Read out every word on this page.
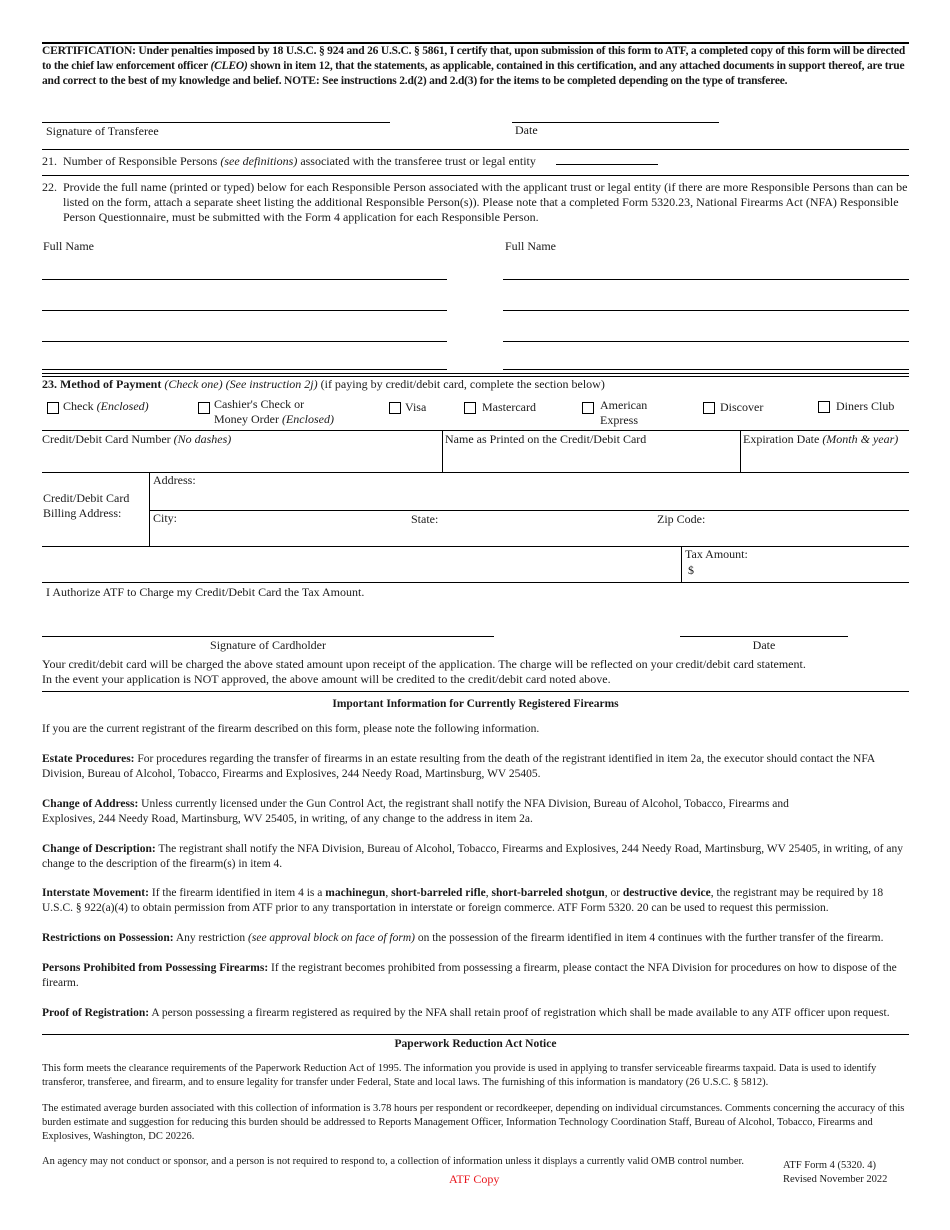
CERTIFICATION: Under penalties imposed by 18 U.S.C. § 924 and 26 U.S.C. § 5861, I certify that, upon submission of this form to ATF, a completed copy of this form will be directed to the chief law enforcement officer (CLEO) shown in item 12, that the statements, as applicable, contained in this certification, and any attached documents in support thereof, are true and correct to the best of my knowledge and belief. NOTE: See instructions 2.d(2) and 2.d(3) for the items to be completed depending on the type of transferee.
Signature of Transferee	Date
21. Number of Responsible Persons (see definitions) associated with the transferee trust or legal entity
22. Provide the full name (printed or typed) below for each Responsible Person associated with the applicant trust or legal entity (if there are more Responsible Persons than can be listed on the form, attach a separate sheet listing the additional Responsible Person(s)). Please note that a completed Form 5320.23, National Firearms Act (NFA) Responsible Person Questionnaire, must be submitted with the Form 4 application for each Responsible Person.
Full Name	Full Name
23. Method of Payment (Check one) (See instruction 2j) (if paying by credit/debit card, complete the section below)
Check (Enclosed)	Cashier's Check or
Money Order (Enclosed)
Visa	Mastercard	American
Express
Discover	Diners Club
Credit/Debit Card Number (No dashes)	Name as Printed on the Credit/Debit Card	Expiration Date (Month & year)
Credit/Debit Card Billing Address:
Address:
City:	State:	Zip Code:
Tax Amount:
$
I Authorize ATF to Charge my Credit/Debit Card the Tax Amount.
Signature of Cardholder	Date
Your credit/debit card will be charged the above stated amount upon receipt of the application. The charge will be reflected on your credit/debit card statement.
In the event your application is NOT approved, the above amount will be credited to the credit/debit card noted above.
Important Information for Currently Registered Firearms
If you are the current registrant of the firearm described on this form, please note the following information.
Estate Procedures: For procedures regarding the transfer of firearms in an estate resulting from the death of the registrant identified in item 2a, the executor should contact the NFA Division, Bureau of Alcohol, Tobacco, Firearms and Explosives, 244 Needy Road, Martinsburg, WV 25405.
Change of Address: Unless currently licensed under the Gun Control Act, the registrant shall notify the NFA Division, Bureau of Alcohol, Tobacco, Firearms and Explosives, 244 Needy Road, Martinsburg, WV 25405, in writing, of any change to the address in item 2a.
Change of Description: The registrant shall notify the NFA Division, Bureau of Alcohol, Tobacco, Firearms and Explosives, 244 Needy Road, Martinsburg, WV 25405, in writing, of any change to the description of the firearm(s) in item 4.
Interstate Movement: If the firearm identified in item 4 is a machinegun, short-barreled rifle, short-barreled shotgun, or destructive device, the registrant may be required by 18 U.S.C. § 922(a)(4) to obtain permission from ATF prior to any transportation in interstate or foreign commerce. ATF Form 5320. 20 can be used to request this permission.
Restrictions on Possession: Any restriction (see approval block on face of form) on the possession of the firearm identified in item 4 continues with the further transfer of the firearm.
Persons Prohibited from Possessing Firearms: If the registrant becomes prohibited from possessing a firearm, please contact the NFA Division for procedures on how to dispose of the firearm.
Proof of Registration: A person possessing a firearm registered as required by the NFA shall retain proof of registration which shall be made available to any ATF officer upon request.
Paperwork Reduction Act Notice
This form meets the clearance requirements of the Paperwork Reduction Act of 1995. The information you provide is used in applying to transfer serviceable firearms taxpaid. Data is used to identify transferor, transferee, and firearm, and to ensure legality for transfer under Federal, State and local laws. The furnishing of this information is mandatory (26 U.S.C. § 5812).
The estimated average burden associated with this collection of information is 3.78 hours per respondent or recordkeeper, depending on individual circumstances. Comments concerning the accuracy of this burden estimate and suggestion for reducing this burden should be addressed to Reports Management Officer, Information Technology Coordination Staff, Bureau of Alcohol, Tobacco, Firearms and Explosives, Washington, DC 20226.
An agency may not conduct or sponsor, and a person is not required to respond to, a collection of information unless it displays a currently valid OMB control number.	ATF Form 4 (5320. 4)
Revised November 2022
ATF Copy
